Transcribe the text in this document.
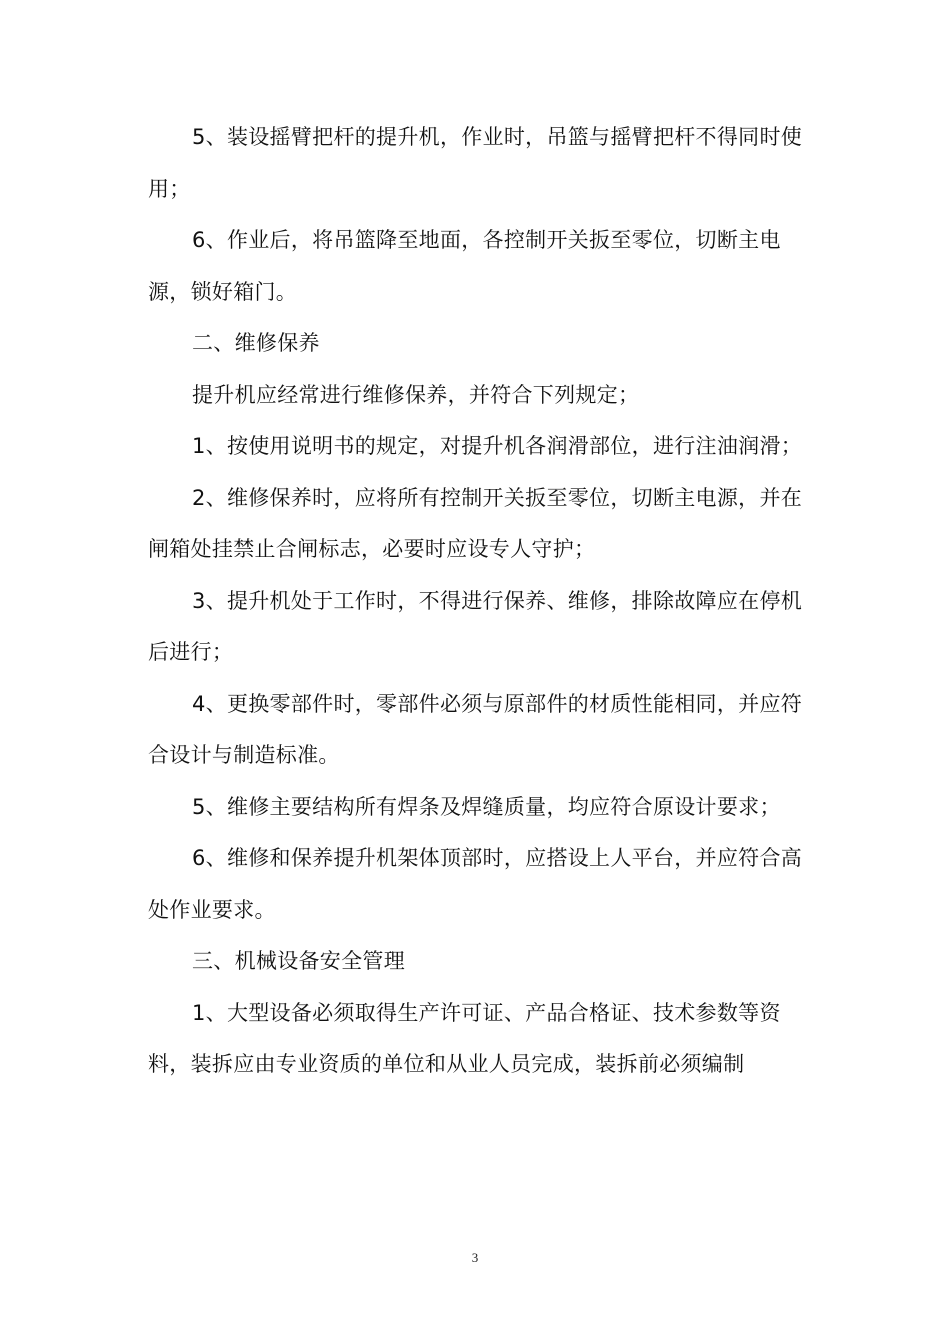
5、装设摇臂把杆的提升机，作业时，吊篮与摇臂把杆不得同时使用；

6、作业后，将吊篮降至地面，各控制开关扳至零位，切断主电源，锁好箱门。

二、维修保养

提升机应经常进行维修保养，并符合下列规定；

1、按使用说明书的规定，对提升机各润滑部位，进行注油润滑；

2、维修保养时，应将所有控制开关扳至零位，切断主电源，并在闸箱处挂禁止合闸标志，必要时应设专人守护；

3、提升机处于工作时，不得进行保养、维修，排除故障应在停机后进行；

4、更换零部件时，零部件必须与原部件的材质性能相同，并应符合设计与制造标准。

5、维修主要结构所有焊条及焊缝质量，均应符合原设计要求；

6、维修和保养提升机架体顶部时，应搭设上人平台，并应符合高处作业要求。

三、机械设备安全管理

1、大型设备必须取得生产许可证、产品合格证、技术参数等资料，装拆应由专业资质的单位和从业人员完成，装拆前必须编制

3
